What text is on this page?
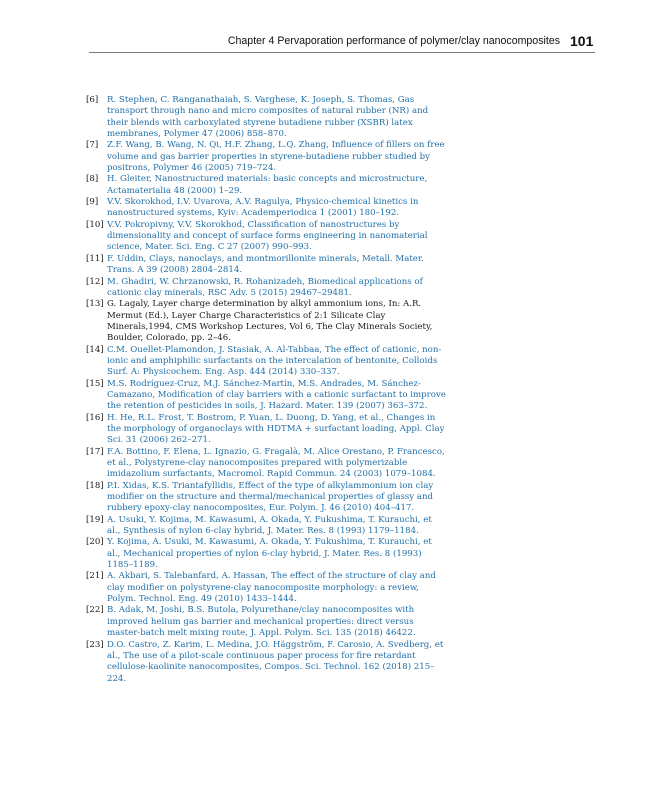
Chapter 4 Pervaporation performance of polymer/clay nanocomposites 101
[6]	R. Stephen, C. Ranganathaiah, S. Varghese, K. Joseph, S. Thomas, Gas transport through nano and micro composites of natural rubber (NR) and their blends with carboxylated styrene butadiene rubber (XSBR) latex membranes, Polymer 47 (2006) 858–870.
[7]	Z.F. Wang, B. Wang, N. Qi, H.F. Zhang, L.Q. Zhang, Influence of fillers on free volume and gas barrier properties in styrene-butadiene rubber studied by positrons, Polymer 46 (2005) 719–724.
[8]	H. Gleiter, Nanostructured materials: basic concepts and microstructure, Actamaterialia 48 (2000) 1–29.
[9]	V.V. Skorokhod, I.V. Uvarova, A.V. Ragulya, Physico-chemical kinetics in nanostructured systems, Kyiv: Academperiodica 1 (2001) 180–192.
[10] V.V. Pokropivny, V.V. Skorokhod, Classification of nanostructures by dimensionality and concept of surface forms engineering in nanomaterial science, Mater. Sci. Eng. C 27 (2007) 990–993.
[11] F. Uddin, Clays, nanoclays, and montmorillonite minerals, Metall. Mater. Trans. A 39 (2008) 2804–2814.
[12] M. Ghadiri, W. Chrzanowski, R. Rohanizadeh, Biomedical applications of cationic clay minerals, RSC Adv. 5 (2015) 29467–29481.
[13] G. Lagaly, Layer charge determination by alkyl ammonium ions, In: A.R. Mermut (Ed.), Layer Charge Characteristics of 2:1 Silicate Clay Minerals,1994, CMS Workshop Lectures, Vol 6, The Clay Minerals Society, Boulder, Colorado, pp. 2–46.
[14] C.M. Ouellet-Plamondon, J. Stasiak, A. Al-Tabbaa, The effect of cationic, non-ionic and amphiphilic surfactants on the intercalation of bentonite, Colloids Surf. A: Physicochem. Eng. Asp. 444 (2014) 330–337.
[15] M.S. Rodríguez-Cruz, M.J. Sánchez-Martín, M.S. Andrades, M. Sánchez-Camazano, Modification of clay barriers with a cationic surfactant to improve the retention of pesticides in soils, J. Hazard. Mater. 139 (2007) 363–372.
[16] H. He, R.L. Frost, T. Bostrom, P. Yuan, L. Duong, D. Yang, et al., Changes in the morphology of organoclays with HDTMA + surfactant loading, Appl. Clay Sci. 31 (2006) 262–271.
[17] F.A. Bottino, F. Elena, L. Ignazio, G. Fragalà, M. Alice Orestano, P. Francesco, et al., Polystyrene-clay nanocomposites prepared with polymerizable imidazolium surfactants, Macromol. Rapid Commun. 24 (2003) 1079–1084.
[18] P.I. Xidas, K.S. Triantafyllidis, Effect of the type of alkylammonium ion clay modifier on the structure and thermal/mechanical properties of glassy and rubbery epoxy-clay nanocomposites, Eur. Polym. J. 46 (2010) 404–417.
[19] A. Usuki, Y. Kojima, M. Kawasumi, A. Okada, Y. Fukushima, T. Kurauchi, et al., Synthesis of nylon 6-clay hybrid, J. Mater. Res. 8 (1993) 1179–1184.
[20] Y. Kojima, A. Usuki, M. Kawasumi, A. Okada, Y. Fukushima, T. Kurauchi, et al., Mechanical properties of nylon 6-clay hybrid, J. Mater. Res. 8 (1993) 1185–1189.
[21] A. Akbari, S. Talebanfard, A. Hassan, The effect of the structure of clay and clay modifier on polystyrene-clay nanocomposite morphology: a review, Polym. Technol. Eng. 49 (2010) 1433–1444.
[22] B. Adak, M. Joshi, B.S. Butola, Polyurethane/clay nanocomposites with improved helium gas barrier and mechanical properties: direct versus master-batch melt mixing route, J. Appl. Polym. Sci. 135 (2018) 46422.
[23] D.O. Castro, Z. Karim, L. Medina, J.O. Häggström, F. Carosio, A. Svedberg, et al., The use of a pilot-scale continuous paper process for fire retardant cellulose-kaolinite nanocomposites, Compos. Sci. Technol. 162 (2018) 215–224.
